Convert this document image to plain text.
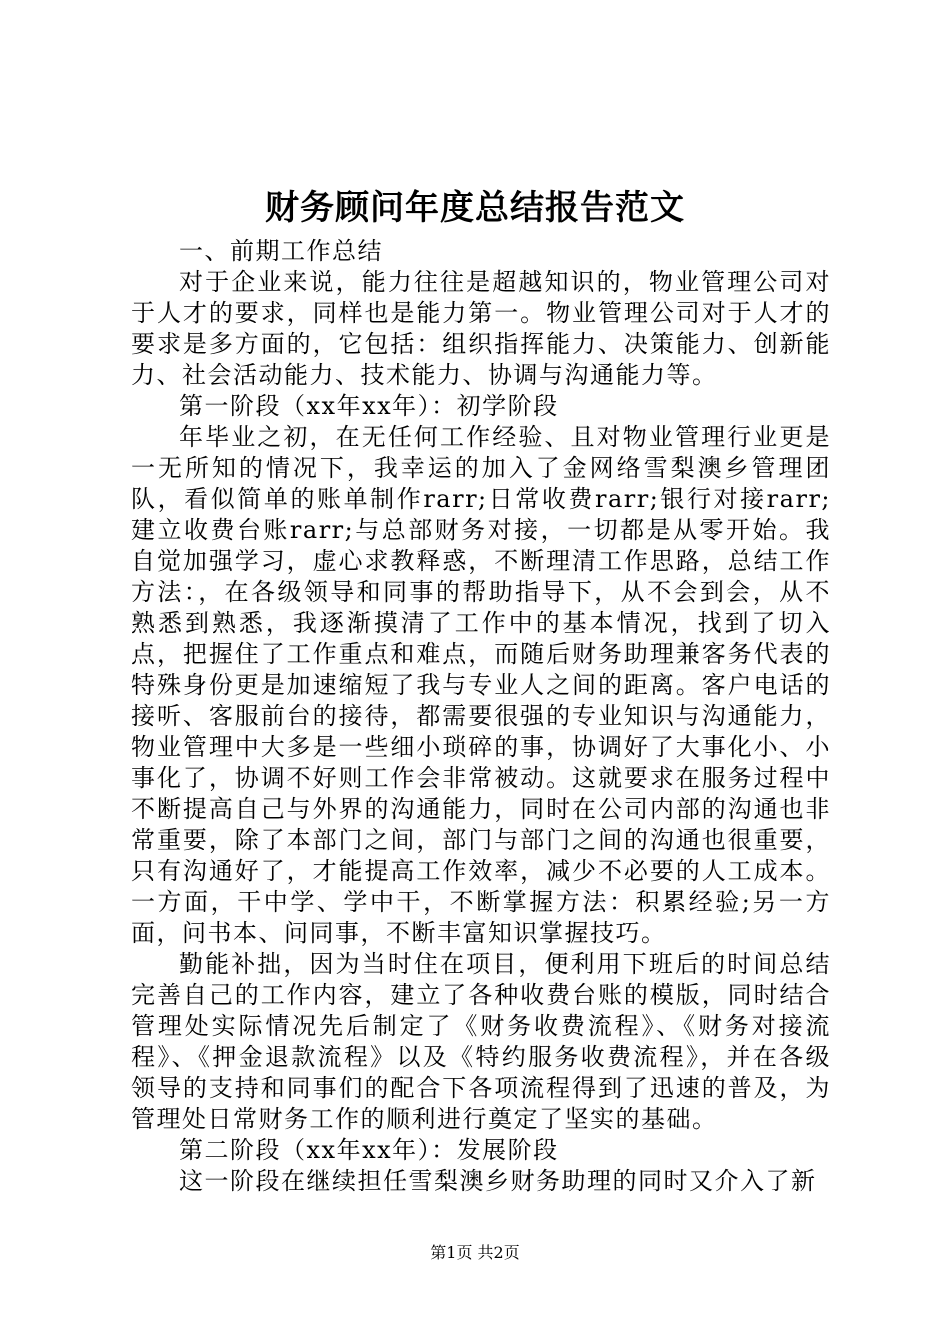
财务顾问年度总结报告范文

一、前期工作总结

对于企业来说，能力往往是超越知识的，物业管理公司对于人才的要求，同样也是能力第一。物业管理公司对于人才的要求是多方面的，它包括：组织指挥能力、决策能力、创新能力、社会活动能力、技术能力、协调与沟通能力等。

第一阶段（xx年xx年）：初学阶段

年毕业之初，在无任何工作经验、且对物业管理行业更是一无所知的情况下，我幸运的加入了金网络雪梨澳乡管理团队，看似简单的账单制作rarr;日常收费rarr;银行对接rarr;建立收费台账rarr;与总部财务对接，一切都是从零开始。我自觉加强学习，虚心求教释惑，不断理清工作思路，总结工作方法：，在各级领导和同事的帮助指导下，从不会到会，从不熟悉到熟悉，我逐渐摸清了工作中的基本情况，找到了切入点，把握住了工作重点和难点，而随后财务助理兼客务代表的特殊身份更是加速缩短了我与专业人之间的距离。客户电话的接听、客服前台的接待，都需要很强的专业知识与沟通能力，物业管理中大多是一些细小琐碎的事，协调好了大事化小、小事化了，协调不好则工作会非常被动。这就要求在服务过程中不断提高自己与外界的沟通能力，同时在公司内部的沟通也非常重要，除了本部门之间，部门与部门之间的沟通也很重要，只有沟通好了，才能提高工作效率，减少不必要的人工成本。一方面，干中学、学中干，不断掌握方法：积累经验;另一方面，问书本、问同事，不断丰富知识掌握技巧。

勤能补拙，因为当时住在项目，便利用下班后的时间总结完善自己的工作内容，建立了各种收费台账的模版，同时结合管理处实际情况先后制定了《财务收费流程》、《财务对接流程》、《押金退款流程》以及《特约服务收费流程》，并在各级领导的支持和同事们的配合下各项流程得到了迅速的普及，为管理处日常财务工作的顺利进行奠定了坚实的基础。

第二阶段（xx年xx年）：发展阶段

这一阶段在继续担任雪梨澳乡财务助理的同时又介入了新

第1页 共2页
